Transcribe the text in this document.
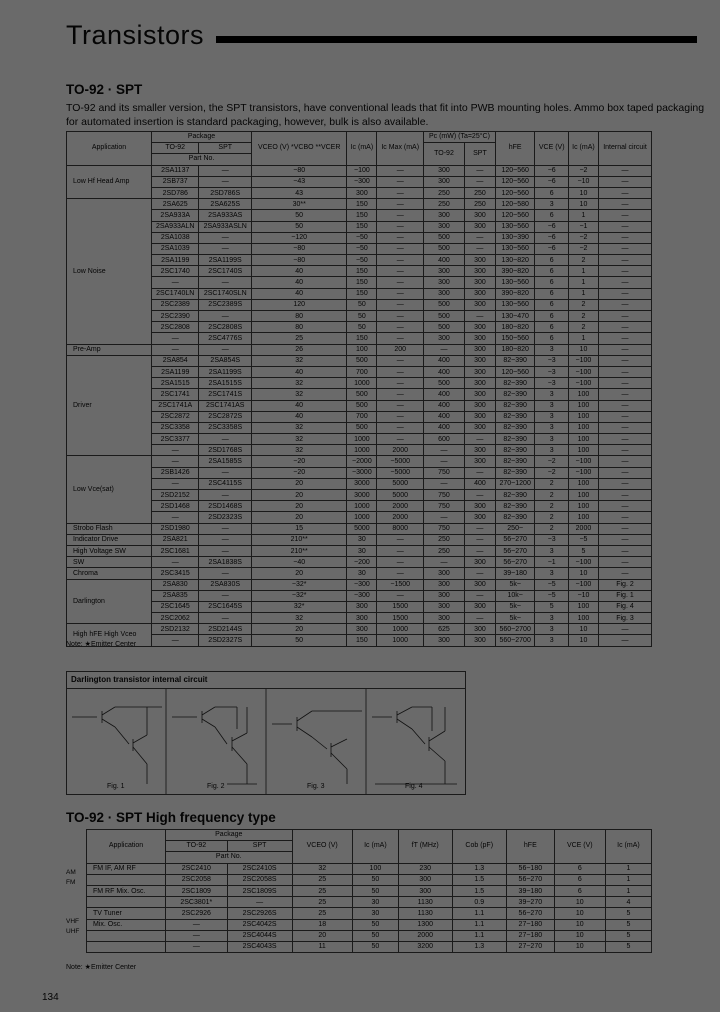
Transistors
TO-92 · SPT
TO-92 and its smaller version, the SPT transistors, have conventional leads that fit into PWB mounting holes. Ammo box taped packaging for automated insertion is standard packaging, however, bulk is also available.
Application	Package		VCEO (V) *VCBO **VCER	Ic (mA)	Ic Max (mA)	Pc (mW) (Ta=25°C)		hFE	VCE (V)	Ic (mA)	Internal circuit
	TO-92	SPT				TO-92	SPT				
	Part No.										
Low Hf Head Amp	2SA1137	—	−80	−100	—	300	—	120~560	−6	−2	—
	2SB737	—	−43	−300	—	300	—	120~560	−6	−10	—
	2SD786	2SD786S	43	300	—	250	250	120~560	6	10	—
Low Noise	2SA625	2SA625S	30**	150	—	250	250	120~580	3	10	—
	2SA933A	2SA933AS	50	150	—	300	300	120~560	6	1	—
	2SA933ALN	2SA933ASLN	50	150	—	300	300	130~560	−6	−1	—
	2SA1038	—	−120	−50	—	500	—	130~390	−6	−2	—
	2SA1039	—	−80	−50	—	500	—	130~560	−6	−2	—
	2SA1199	2SA1199S	−80	−50	—	400	300	130~820	6	2	—
	2SC1740	2SC1740S	40	150	—	300	300	390~820	6	1	—
	—	—	40	150	—	300	300	130~560	6	1	—
	2SC1740LN	2SC1740SLN	40	150	—	300	300	390~820	6	1	—
	2SC2389	2SC2389S	120	50	—	500	300	130~560	6	2	—
	2SC2390	—	80	50	—	500	—	130~470	6	2	—
	2SC2808	2SC2808S	80	50	—	500	300	180~820	6	2	—
	—	2SC4776S	25	150	—	300	300	150~560	6	1	—
Pre-Amp	—	—	26	100	200	—	300	180~820	3	10	—
Driver	2SA854	2SA854S	32	500	—	400	300	82~390	−3	−100	—
	2SA1199	2SA1199S	40	700	—	400	300	120~560	−3	−100	—
	2SA1515	2SA1515S	32	1000	—	500	300	82~390	−3	−100	—
	2SC1741	2SC1741S	32	500	—	400	300	82~390	3	100	—
	2SC1741A	2SC1741AS	40	500	—	400	300	82~390	3	100	—
	2SC2872	2SC2872S	40	700	—	400	300	82~390	3	100	—
	2SC3358	2SC3358S	32	500	—	400	300	82~390	3	100	—
	2SC3377	—	32	1000	—	600	—	82~390	3	100	—
	—	2SD1768S	32	1000	2000	—	300	82~390	3	100	—
Low Vce(sat)	—	2SA1585S	−20	−2000	−5000	—	300	82~390	−2	−100	—
	2SB1426	—	−20	−3000	−5000	750	—	82~390	−2	−100	—
	—	2SC4115S	20	3000	5000	—	400	270~1200	2	100	—
	2SD2152	—	20	3000	5000	750	—	82~390	2	100	—
	2SD1468	2SD1468S	20	1000	2000	750	300	82~390	2	100	—
	—	2SD2323S	20	1000	2000	—	300	82~390	2	100	—
Strobo Flash	2SD1980	—	15	5000	8000	750	—	250~	2	2000	—
Indicator Drive	2SA821	—	210**	30	—	250	—	56~270	−3	−5	—
High Voltage SW	2SC1681	—	210**	30	—	250	—	56~270	3	5	—
SW	—	2SA1838S	−40	−200	—	—	300	56~270	−1	−100	—
Chroma	2SC3415	—	20	30	—	300	—	39~180	3	10	—
Darlington	2SA830	2SA830S	−32*	−300	−1500	300	300	5k~	−5	−100	Fig. 2
	2SA835	—	−32*	−300	—	300	—	10k~	−5	−10	Fig. 1
	2SC1645	2SC1645S	32*	300	1500	300	300	5k~	5	100	Fig. 4
	2SC2062	—	32	300	1500	300	—	5k~	3	100	Fig. 3
High hFE High Vceo	2SD2132	2SD2144S	20	300	1000	625	300	560~2700	3	10	—
	—	2SD2327S	50	150	1000	300	300	560~2700	3	10	—
Note: ★Emitter Center
Darlington transistor internal circuit
Fig. 1	Fig. 2	Fig. 3	Fig. 4
TO-92 · SPT High frequency type
AM
FM
VHF
UHF
Application	Package		VCEO (V)	Ic (mA)	fT (MHz)	Cob (pF)	hFE	VCE (V)	Ic (mA)
	TO-92	SPT							
	Part No.								
FM IF, AM RF	2SC2410	2SC2410S	32	100	230	1.3	56~180	6	1
	2SC2058	2SC2058S	25	50	300	1.5	56~270	6	1
FM RF Mix. Osc.	2SC1809	2SC1809S	25	50	300	1.5	39~180	6	1
	2SC3801*	—	25	30	1130	0.9	39~270	10	4
TV Tuner	2SC2926	2SC2926S	25	30	1130	1.1	56~270	10	5
Mix. Osc.	—	2SC4042S	18	50	1300	1.1	27~180	10	5
	—	2SC4044S	20	50	2000	1.1	27~180	10	5
	—	2SC4043S	11	50	3200	1.3	27~270	10	5
Note: ★Emitter Center
134
